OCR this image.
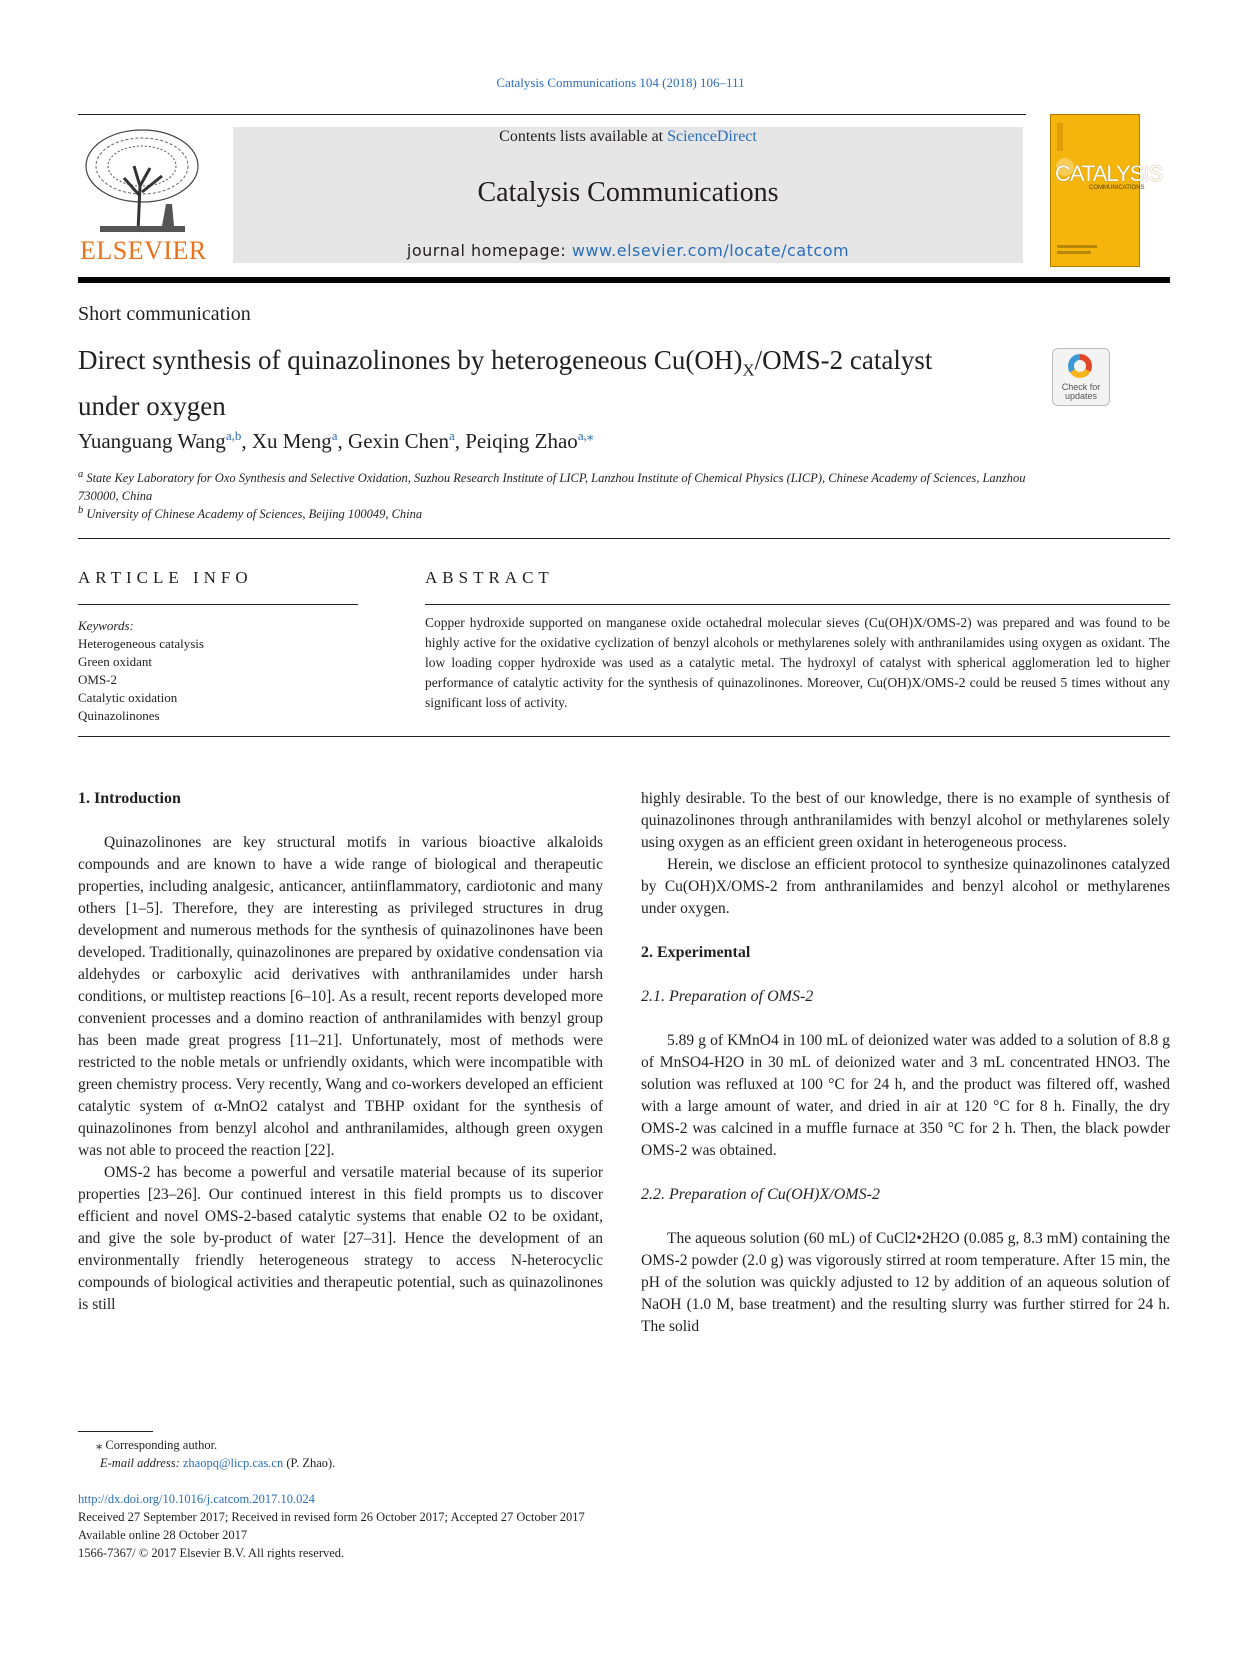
Catalysis Communications 104 (2018) 106–111
ELSEVIER
Contents lists available at ScienceDirect
Catalysis Communications
journal homepage: www.elsevier.com/locate/catcom
CATALYSIS
COMMUNICATIONS
Short communication
Direct synthesis of quinazolinones by heterogeneous $Cu(OH)_X/OMS-2$ catalyst under oxygen
Check for updates
Yuanguang Wang$^{a,b}$, Xu Meng$^a$, Gexin Chen$^a$, Peiqing Zhao$^{a,⁎}$
$^a$ State Key Laboratory for Oxo Synthesis and Selective Oxidation, Suzhou Research Institute of LICP, Lanzhou Institute of Chemical Physics (LICP), Chinese Academy of Sciences, Lanzhou 730000, China
$^b$ University of Chinese Academy of Sciences, Beijing 100049, China
ARTICLE INFO
Keywords:
Heterogeneous catalysis
Green oxidant
OMS-2
Catalytic oxidation
Quinazolinones
ABSTRACT
Copper hydroxide supported on manganese oxide octahedral molecular sieves (Cu(OH)X/OMS-2) was prepared and was found to be highly active for the oxidative cyclization of benzyl alcohols or methylarenes solely with anthranilamides using oxygen as oxidant. The low loading copper hydroxide was used as a catalytic metal. The hydroxyl of catalyst with spherical agglomeration led to higher performance of catalytic activity for the synthesis of quinazolinones. Moreover, Cu(OH)X/OMS-2 could be reused 5 times without any significant loss of activity.

1. Introduction

Quinazolinones are key structural motifs in various bioactive alkaloids compounds and are known to have a wide range of biological and therapeutic properties, including analgesic, anticancer, antiinflammatory, cardiotonic and many others [1–5]. Therefore, they are interesting as privileged structures in drug development and numerous methods for the synthesis of quinazolinones have been developed. Traditionally, quinazolinones are prepared by oxidative condensation via aldehydes or carboxylic acid derivatives with anthranilamides under harsh conditions, or multistep reactions [6–10]. As a result, recent reports developed more convenient processes and a domino reaction of anthranilamides with benzyl group has been made great progress [11–21]. Unfortunately, most of methods were restricted to the noble metals or unfriendly oxidants, which were incompatible with green chemistry process. Very recently, Wang and co-workers developed an efficient catalytic system of α-MnO2 catalyst and TBHP oxidant for the synthesis of quinazolinones from benzyl alcohol and anthranilamides, although green oxygen was not able to proceed the reaction [22].

OMS-2 has become a powerful and versatile material because of its superior properties [23–26]. Our continued interest in this field prompts us to discover efficient and novel OMS-2-based catalytic systems that enable O2 to be oxidant, and give the sole by-product of water [27–31]. Hence the development of an environmentally friendly heterogeneous strategy to access N-heterocyclic compounds of biological activities and therapeutic potential, such as quinazolinones is still

highly desirable. To the best of our knowledge, there is no example of synthesis of quinazolinones through anthranilamides with benzyl alcohol or methylarenes solely using oxygen as an efficient green oxidant in heterogeneous process.

Herein, we disclose an efficient protocol to synthesize quinazolinones catalyzed by Cu(OH)X/OMS-2 from anthranilamides and benzyl alcohol or methylarenes under oxygen.

2. Experimental

2.1. Preparation of OMS-2

5.89 g of KMnO4 in 100 mL of deionized water was added to a solution of 8.8 g of MnSO4-H2O in 30 mL of deionized water and 3 mL concentrated HNO3. The solution was refluxed at 100 °C for 24 h, and the product was filtered off, washed with a large amount of water, and dried in air at 120 °C for 8 h. Finally, the dry OMS-2 was calcined in a muffle furnace at 350 °C for 2 h. Then, the black powder OMS-2 was obtained.

2.2. Preparation of Cu(OH)X/OMS-2

The aqueous solution (60 mL) of CuCl2•2H2O (0.085 g, 8.3 mM) containing the OMS-2 powder (2.0 g) was vigorously stirred at room temperature. After 15 min, the pH of the solution was quickly adjusted to 12 by addition of an aqueous solution of NaOH (1.0 M, base treatment) and the resulting slurry was further stirred for 24 h. The solid

⁎ Corresponding author.
E-mail address: zhaopq@licp.cas.cn (P. Zhao).
http://dx.doi.org/10.1016/j.catcom.2017.10.024
Received 27 September 2017; Received in revised form 26 October 2017; Accepted 27 October 2017
Available online 28 October 2017
1566-7367/ © 2017 Elsevier B.V. All rights reserved.
